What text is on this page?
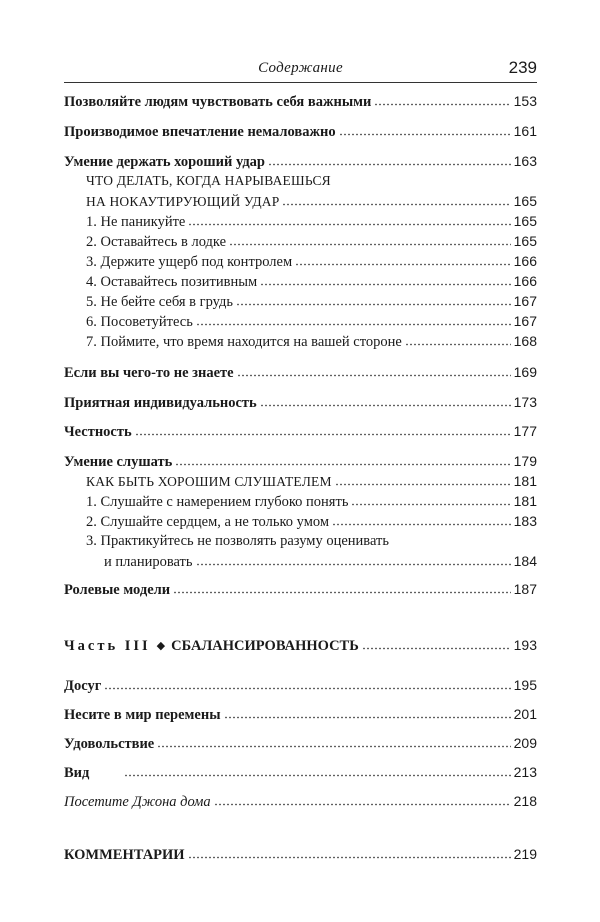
Содержание	239
Позволяйте людям чувствовать себя важными	153
Производимое впечатление немаловажно	161
Умение держать хороший удар	163
ЧТО ДЕЛАТЬ, КОГДА НАРЫВАЕШЬСЯ
НА НОКАУТИРУЮЩИЙ УДАР	165
1. Не паникуйте	165
2. Оставайтесь в лодке	165
3. Держите ущерб под контролем	166
4. Оставайтесь позитивным	166
5. Не бейте себя в грудь	167
6. Посоветуйтесь	167
7. Поймите, что время находится на вашей стороне	168
Если вы чего-то не знаете	169
Приятная индивидуальность	173
Честность	177
Умение слушать	179
КАК БЫТЬ ХОРОШИМ СЛУШАТЕЛЕМ	181
1. Слушайте с намерением глубоко понять	181
2. Слушайте сердцем, а не только умом	183
3. Практикуйтесь не позволять разуму оценивать
и планировать	184
Ролевые модели	187
Часть III ◆ СБАЛАНСИРОВАННОСТЬ	193
Досуг	195
Несите в мир перемены	201
Удовольствие	209
Вид	213
Посетите Джона дома	218
КОММЕНТАРИИ	219
